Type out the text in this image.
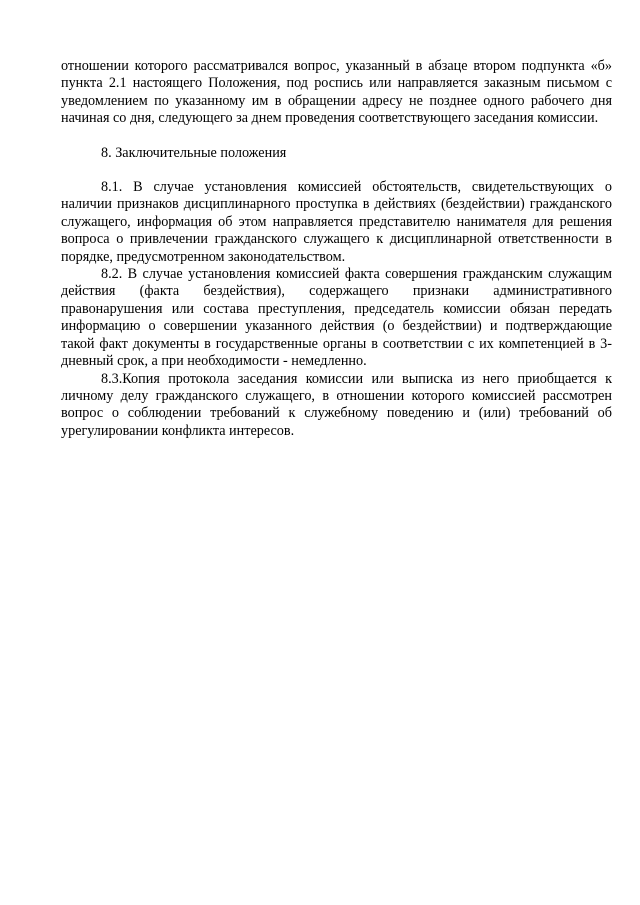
отношении которого рассматривался вопрос, указанный в абзаце втором подпункта «б» пункта 2.1 настоящего Положения, под роспись или направляется заказным письмом с уведомлением по указанному им в обращении адресу не позднее одного рабочего дня начиная со дня, следующего за днем проведения соответствующего заседания комиссии.

8. Заключительные положения

8.1. В случае установления комиссией обстоятельств, свидетельствующих о наличии признаков дисциплинарного проступка в действиях (бездействии) гражданского служащего, информация об этом направляется представителю нанимателя для решения вопроса о привлечении гражданского служащего к дисциплинарной ответственности в порядке, предусмотренном законодательством.

8.2. В случае установления комиссией факта совершения гражданским служащим действия (факта бездействия), содержащего признаки административного правонарушения или состава преступления, председатель комиссии обязан передать информацию о совершении указанного действия (о бездействии) и подтверждающие такой факт документы в государственные органы в соответствии с их компетенцией в 3-дневный срок, а при необходимости - немедленно.

8.3.Копия протокола заседания комиссии или выписка из него приобщается к личному делу гражданского служащего, в отношении которого комиссией рассмотрен вопрос о соблюдении требований к служебному поведению и (или) требований об урегулировании конфликта интересов.
